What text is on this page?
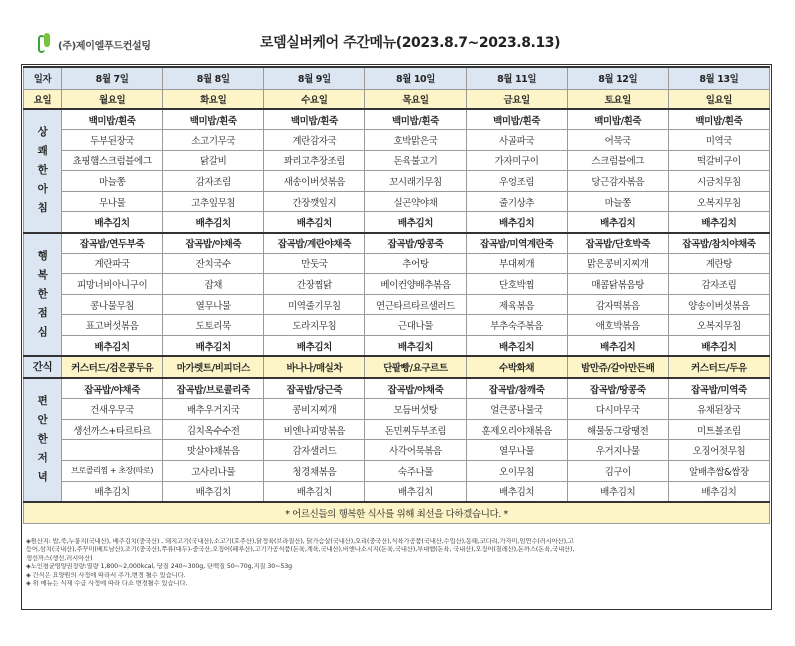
(주)제이엘푸드컨설팅	로뎀실버케어 주간메뉴(2023.8.7~2023.8.13)
일자	8월 7일	8월 8일	8월 9일	8월 10일	8월 11일	8월 12일	8월 13일
요일	월요일	화요일	수요일	목요일	금요일	토요일	일요일

상
쾌
한
아
침	백미밥/흰죽	백미밥/흰죽	백미밥/흰죽	백미밥/흰죽	백미밥/흰죽	백미밥/흰죽	백미밥/흰죽
	두부된장국	소고기무국	계란감자국	호박맑은국	사골파국	어묵국	미역국
	쵸핑햄스크럼블에그	닭갈비	꽈리고추장조림	돈육불고기	가자미구이	스크럼블에그	떡갈비구이
	마늘쫑	감자조림	새송이버섯볶음	꼬시래기무침	우엉조림	당근감자볶음	시금치무침
	무나물	고추잎무침	간장깻잎지	실곤약야채	줄기상추	마늘쫑	오복지무침
	배추김치	배추김치	배추김치	배추김치	배추김치	배추김치	배추김치

행
복
한
점
심	잡곡밥/연두부죽	잡곡밥/야채죽	잡곡밥/계란야채죽	잡곡밥/땅콩죽	잡곡밥/미역계란죽	잡곡밥/단호박죽	잡곡밥/참치야채죽
	계란파국	잔치국수	만둣국	추어탕	부대찌개	맑은콩비지찌개	계란탕
	피망너비아니구이	잡채	간장찜닭	베이컨양배추볶음	단호박찜	매콤닭볶음탕	감자조림
	콩나물무침	열무나물	미역줄기무침	연근타르타르샐러드	제육볶음	감자떡볶음	양송이버섯볶음
	표고버섯볶음	도토리묵	도라지무침	근대나물	부추숙주볶음	애호박볶음	오복지무침
	배추김치	배추김치	배추김치	배추김치	배추김치	배추김치	배추김치
간식	커스터드/검은콩두유	마가렛트/비피더스	바나나/매실차	단팥빵/요구르트	수박화채	밤만쥬/갈아만든배	커스터드/두유

편
안
한
저
녁	잡곡밥/야채죽	잡곡밥/브로콜리죽	잡곡밥/당근죽	잡곡밥/야채죽	잡곡밥/참깨죽	잡곡밥/땅콩죽	잡곡밥/미역죽
	건새우무국	배추우거지국	콩비지찌개	모듬버섯탕	얼큰콩나물국	다시마무국	유채된장국
	생선까스+타르타르	김치옥수수전	비엔나피망볶음	돈민찌두부조림	훈제오리야채볶음	해물동그랑땡전	미트볼조림
		맛살야채볶음	감자샐러드	사각어묵볶음	열무나물	우거지나물	오징어젓무침
	브로콜리찜 + 초장(따로)	고사리나물	청경채볶음	숙주나물	오이무침	김구이	알배추쌈&쌈장
	배추김치	배추김치	배추김치	배추김치	배추김치	배추김치	배추김치
* 어르신들의 행복한 식사를 위해 최선을 다하겠습니다. *							
◈원산지: 밥,죽,누룽지(국내산), 배추김치(중국산) , 돼지고기(국내산),소고기(호주산),닭정육(브라질산), 닭가슴살(국내산),오리(중국산),식육가공품(국내산,수입산),동태,코다리,가자미,임연수(러시아산),고
등어,삼치(국내산),주꾸미(베트남산),조기(중국산),쭈류(대두)-중국산,오징어(페루산),고기가공식품(돈육,계육,국내산),비엔나소시지(돈육,국내산),부대햄(돈육, 국내산),오징어(칠레산),돈까스(돈육,국내산),
생선까스(생선,러시아산)
◈노인평균영양권장량:열량 1,800~2,000kcal, 당질 240~300g, 단백질 50~70g,지질 30~53g
◈ 간식은 요양원의 사정에 따라서 추가,변경 될수 있습니다.
◈ 위 메뉴는 식재 수급 사정에 따라 다소 변경될수 있습니다.
